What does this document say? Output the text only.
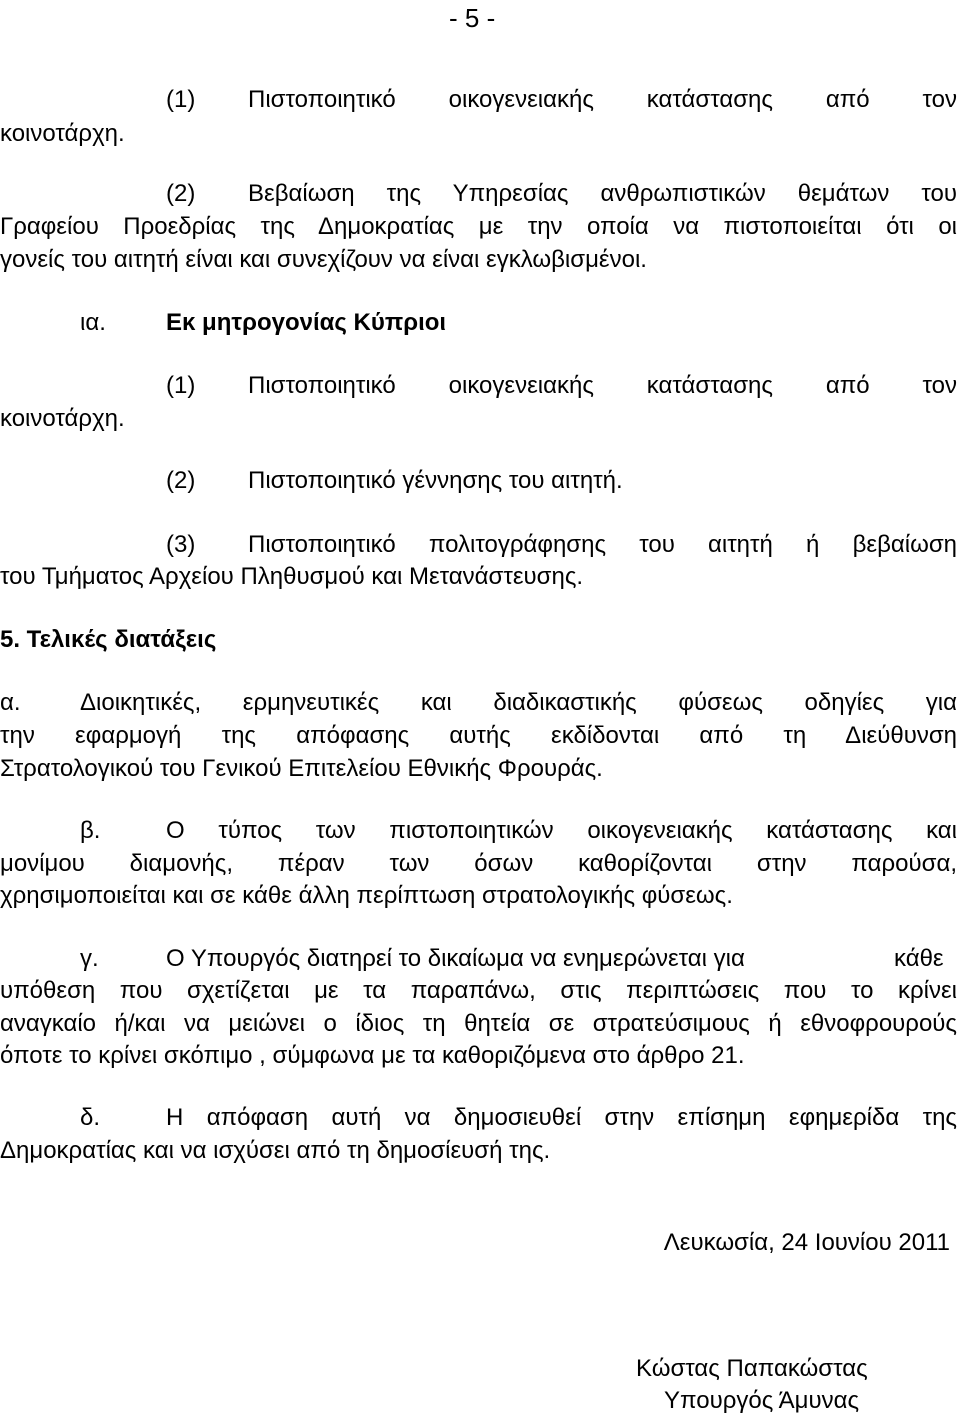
- 5 -
(1) Πιστοποιητικό οικογενειακής κατάστασης από τον
κοινοτάρχη.
(2) Βεβαίωση της Υπηρεσίας ανθρωπιστικών θεμάτων του
Γραφείου Προεδρίας της Δημοκρατίας με την οποία να πιστοποιείται ότι οι
γονείς του αιτητή είναι και συνεχίζουν να είναι εγκλωβισμένοι.
ια.	Εκ μητρογονίας Κύπριοι
(1) Πιστοποιητικό οικογενειακής κατάστασης από τον
κοινοτάρχη.
(2) Πιστοποιητικό γέννησης του αιτητή.
(3) Πιστοποιητικό πολιτογράφησης του αιτητή ή βεβαίωση
του Τμήματος Αρχείου Πληθυσμού και Μετανάστευσης.
5. Τελικές διατάξεις
α. Διοικητικές, ερμηνευτικές και διαδικαστικής φύσεως οδηγίες για
την εφαρμογή της απόφασης αυτής εκδίδονται από τη Διεύθυνση
Στρατολογικού του Γενικού Επιτελείου Εθνικής Φρουράς.
β.	Ο τύπος των πιστοποιητικών οικογενειακής κατάστασης και
μονίμου διαμονής, πέραν των όσων καθορίζονται στην παρούσα,
χρησιμοποιείται και σε κάθε άλλη περίπτωση στρατολογικής φύσεως.
γ.	Ο Υπουργός διατηρεί το δικαίωμα να ενημερώνεται για	κάθε
υπόθεση που σχετίζεται με τα παραπάνω, στις περιπτώσεις που το κρίνει
αναγκαίο ή/και να μειώνει ο ίδιος τη θητεία σε στρατεύσιμους ή εθνοφρουρούς
όποτε το κρίνει σκόπιμο , σύμφωνα με τα καθοριζόμενα στο άρθρο 21.
δ.	Η απόφαση αυτή να δημοσιευθεί στην επίσημη εφημερίδα της
Δημοκρατίας και να ισχύσει από τη δημοσίευσή της.
Λευκωσία, 24 Ιουνίου 2011
Κώστας Παπακώστας
Υπουργός Άμυνας
